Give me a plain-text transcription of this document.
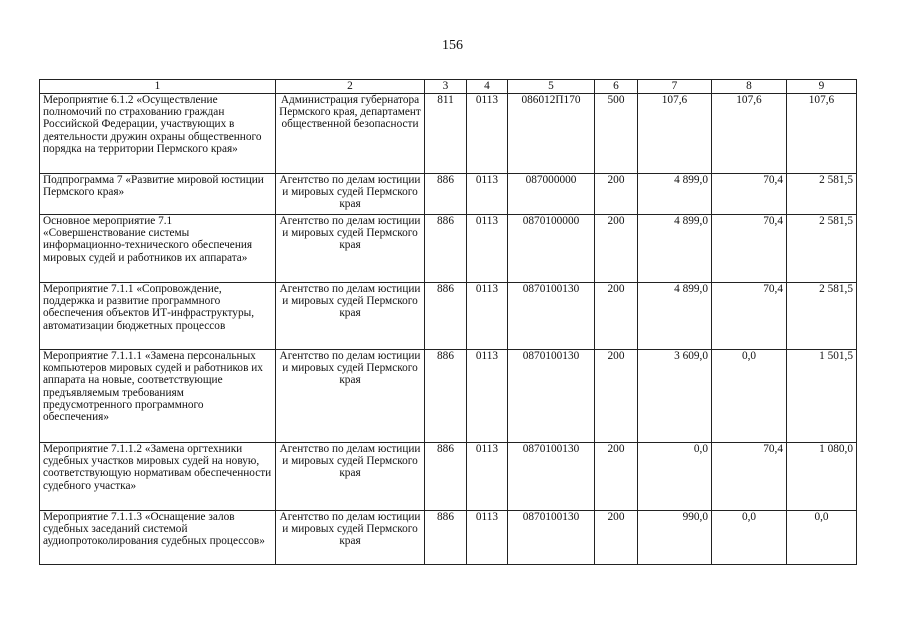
156
1	2	3	4	5	6	7	8	9
Мероприятие 6.1.2 «Осуществление полномочий по страхованию граждан Российской Федерации, участвующих в деятельности дружин охраны общественного порядка на территории Пермского края»	Администрация губернатора Пермского края, департамент общественной безопасности	811	0113	086012П170	500	107,6	107,6	107,6
Подпрограмма 7 «Развитие мировой юстиции Пермского края»	Агентство по делам юстиции и мировых судей Пермского края	886	0113	087000000	200	4 899,0	70,4	2 581,5
Основное мероприятие 7.1 «Совершенствование системы информационно-технического обеспечения мировых судей и работников их аппарата»	Агентство по делам юстиции и мировых судей Пермского края	886	0113	0870100000	200	4 899,0	70,4	2 581,5
Мероприятие 7.1.1 «Сопровождение, поддержка и развитие программного обеспечения объектов ИТ-инфраструктуры, автоматизации бюджетных процессов	Агентство по делам юстиции и мировых судей Пермского края	886	0113	0870100130	200	4 899,0	70,4	2 581,5
Мероприятие 7.1.1.1 «Замена персональных компьютеров мировых судей и работников их аппарата на новые, соответствующие предъявляемым требованиям предусмотренного программного обеспечения»	Агентство по делам юстиции и мировых судей Пермского края	886	0113	0870100130	200	3 609,0	0,0	1 501,5
Мероприятие 7.1.1.2 «Замена оргтехники судебных участков мировых судей на новую, соответствующую нормативам обеспеченности судебного участка»	Агентство по делам юстиции и мировых судей Пермского края	886	0113	0870100130	200	0,0	70,4	1 080,0
Мероприятие 7.1.1.3 «Оснащение залов судебных заседаний системой аудиопротоколирования судебных процессов»	Агентство по делам юстиции и мировых судей Пермского края	886	0113	0870100130	200	990,0	0,0	0,0
